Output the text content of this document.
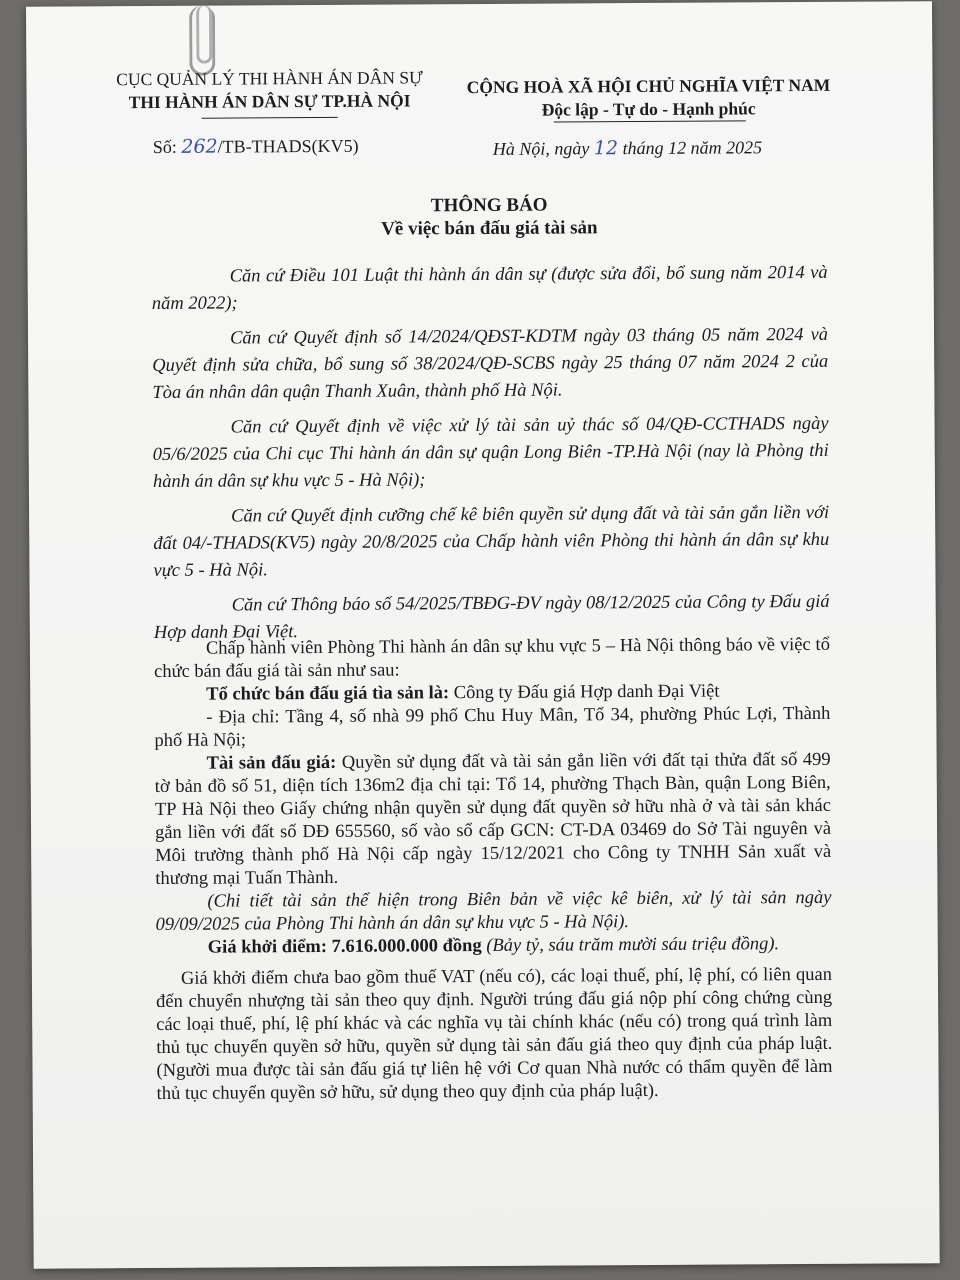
CỤC QUẢN LÝ THI HÀNH ÁN DÂN SỰ
THI HÀNH ÁN DÂN SỰ TP.HÀ NỘI
CỘNG HOÀ XÃ HỘI CHỦ NGHĨA VIỆT NAM
Độc lập - Tự do - Hạnh phúc
Số: 262/TB-THADS(KV5)	Hà Nội, ngày 12 tháng 12 năm 2025
THÔNG BÁO
Về việc bán đấu giá tài sản

Căn cứ Điều 101 Luật thi hành án dân sự (được sửa đổi, bổ sung năm 2014 và năm 2022);

Căn cứ Quyết định số 14/2024/QĐST-KDTM ngày 03 tháng 05 năm 2024 và Quyết định sửa chữa, bổ sung số 38/2024/QĐ-SCBS ngày 25 tháng 07 năm 2024 2 của Tòa án nhân dân quận Thanh Xuân, thành phố Hà Nội.

Căn cứ Quyết định về việc xử lý tài sản uỷ thác số 04/QĐ-CCTHADS ngày 05/6/2025 của Chi cục Thi hành án dân sự quận Long Biên -TP.Hà Nội (nay là Phòng thi hành án dân sự khu vực 5 - Hà Nội);

Căn cứ Quyết định cưỡng chế kê biên quyền sử dụng đất và tài sản gắn liền với đất 04/-THADS(KV5) ngày 20/8/2025 của Chấp hành viên Phòng thi hành án dân sự khu vực 5 - Hà Nội.

Căn cứ Thông báo số 54/2025/TBĐG-ĐV ngày 08/12/2025 của Công ty Đấu giá Hợp danh Đại Việt.

Chấp hành viên Phòng Thi hành án dân sự khu vực 5 – Hà Nội thông báo về việc tổ chức bán đấu giá tài sản như sau:

Tổ chức bán đấu giá tìa sản là: Công ty Đấu giá Hợp danh Đại Việt

- Địa chỉ: Tầng 4, số nhà 99 phố Chu Huy Mân, Tổ 34, phường Phúc Lợi, Thành phố Hà Nội;

Tài sản đấu giá: Quyền sử dụng đất và tài sản gắn liền với đất tại thửa đất số 499 tờ bản đồ số 51, diện tích 136m2 địa chỉ tại: Tổ 14, phường Thạch Bàn, quận Long Biên, TP Hà Nội theo Giấy chứng nhận quyền sử dụng đất quyền sở hữu nhà ở và tài sản khác gắn liền với đất số DĐ 655560, số vào sổ cấp GCN: CT-DA 03469 do Sở Tài nguyên và Môi trường thành phố Hà Nội cấp ngày 15/12/2021 cho Công ty TNHH Sản xuất và thương mại Tuấn Thành.

(Chi tiết tài sản thể hiện trong Biên bản về việc kê biên, xử lý tài sản ngày 09/09/2025 của Phòng Thi hành án dân sự khu vực 5 - Hà Nội).

Giá khởi điểm: 7.616.000.000 đồng (Bảy tỷ, sáu trăm mười sáu triệu đồng).

Giá khởi điểm chưa bao gồm thuế VAT (nếu có), các loại thuế, phí, lệ phí, có liên quan đến chuyển nhượng tài sản theo quy định. Người trúng đấu giá nộp phí công chứng cùng các loại thuế, phí, lệ phí khác và các nghĩa vụ tài chính khác (nếu có) trong quá trình làm thủ tục chuyển quyền sở hữu, quyền sử dụng tài sản đấu giá theo quy định của pháp luật. (Người mua được tài sản đấu giá tự liên hệ với Cơ quan Nhà nước có thẩm quyền để làm thủ tục chuyển quyền sở hữu, sử dụng theo quy định của pháp luật).
